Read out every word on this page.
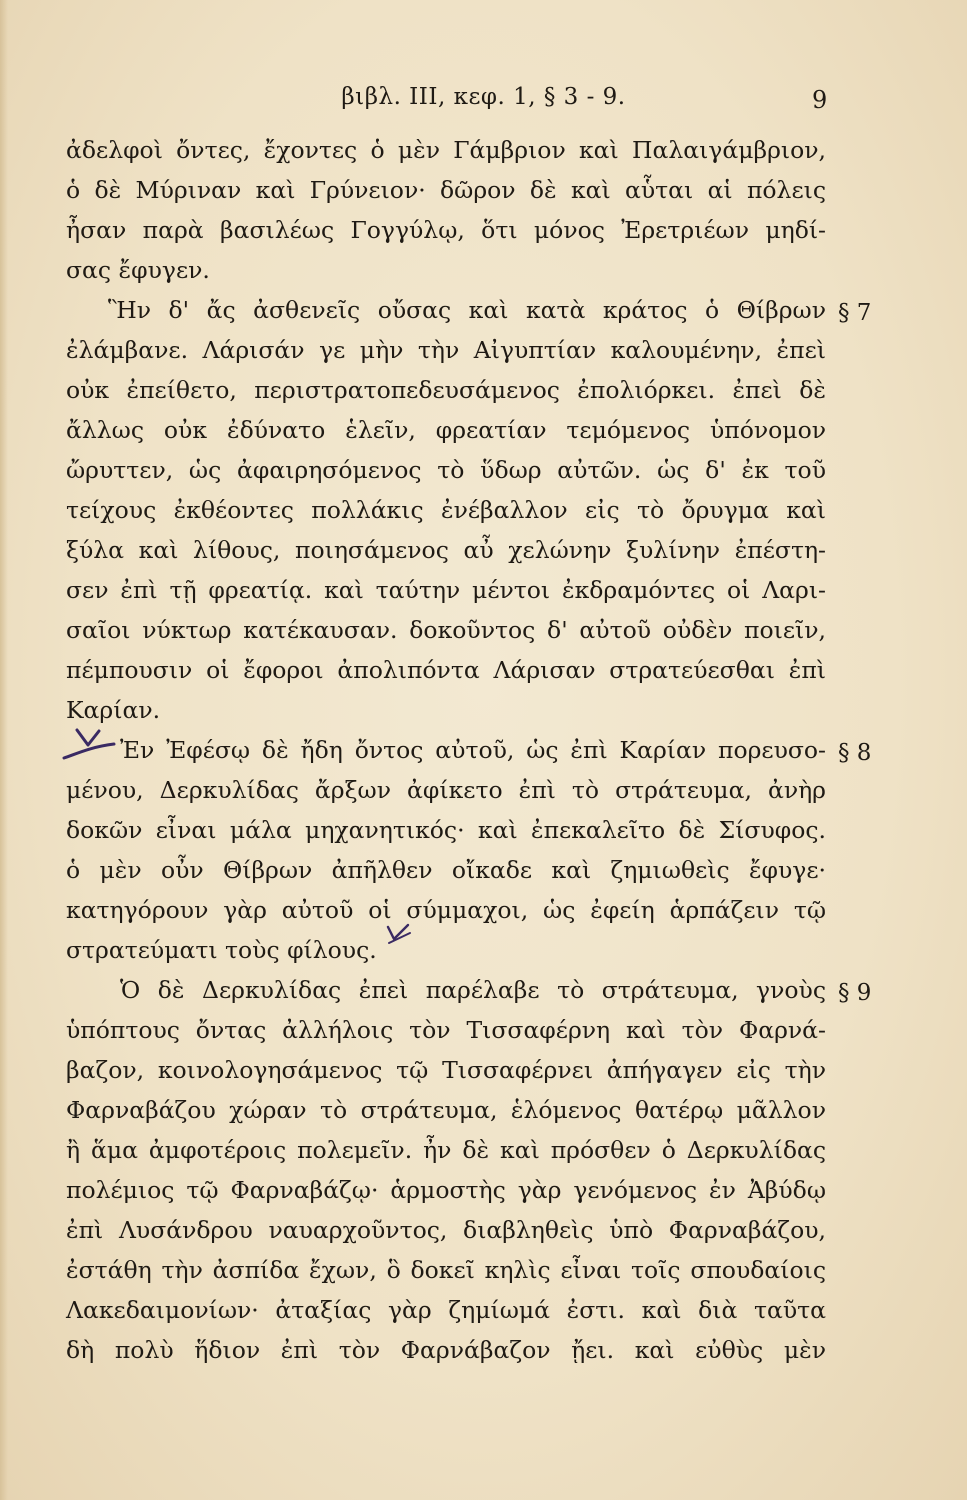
βιβλ. III, κεφ. 1, § 3 - 9.	9
ἀδελφοὶ ὄντες, ἔχοντες ὁ μὲν Γάμβριον καὶ Παλαιγάμβριον,
ὁ δὲ Μύριναν καὶ Γρύνειον· δῶρον δὲ καὶ αὗται αἱ πόλεις
ἦσαν παρὰ βασιλέως Γογγύλῳ, ὅτι μόνος Ἐρετριέων μηδί-
σας ἔφυγεν.
Ἣν δ' ἄς ἀσθενεῖς οὔσας καὶ κατὰ κράτος ὁ Θίβρων
ἐλάμβανε. Λάρισάν γε μὴν τὴν Αἰγυπτίαν καλουμένην, ἐπεὶ
οὐκ ἐπείθετο, περιστρατοπεδευσάμενος ἐπολιόρκει. ἐπεὶ δὲ
ἄλλως οὐκ ἐδύνατο ἑλεῖν, φρεατίαν τεμόμενος ὑπόνομον
ὤρυττεν, ὡς ἀφαιρησόμενος τὸ ὕδωρ αὐτῶν. ὡς δ' ἐκ τοῦ
τείχους ἐκθέοντες πολλάκις ἐνέβαλλον εἰς τὸ ὄρυγμα καὶ
ξύλα καὶ λίθους, ποιησάμενος αὖ χελώνην ξυλίνην ἐπέστη-
σεν ἐπὶ τῇ φρεατίᾳ. καὶ ταύτην μέντοι ἐκδραμόντες οἱ Λαρι-
σαῖοι νύκτωρ κατέκαυσαν. δοκοῦντος δ' αὐτοῦ οὐδὲν ποιεῖν,
πέμπουσιν οἱ ἔφοροι ἀπολιπόντα Λάρισαν στρατεύεσθαι ἐπὶ
Καρίαν.
Ἐν Ἐφέσῳ δὲ ἤδη ὄντος αὐτοῦ, ὡς ἐπὶ Καρίαν πορευσο-
μένου, Δερκυλίδας ἄρξων ἀφίκετο ἐπὶ τὸ στράτευμα, ἀνὴρ
δοκῶν εἶναι μάλα μηχανητικός· καὶ ἐπεκαλεῖτο δὲ Σίσυφος.
ὁ μὲν οὖν Θίβρων ἀπῆλθεν οἴκαδε καὶ ζημιωθεὶς ἔφυγε·
κατηγόρουν γὰρ αὐτοῦ οἱ σύμμαχοι, ὡς ἐφείη ἁρπάζειν τῷ
στρατεύματι τοὺς φίλους.
Ὁ δὲ Δερκυλίδας ἐπεὶ παρέλαβε τὸ στράτευμα, γνοὺς
ὑπόπτους ὄντας ἀλλήλοις τὸν Τισσαφέρνη καὶ τὸν Φαρνά-
βαζον, κοινολογησάμενος τῷ Τισσαφέρνει ἀπήγαγεν εἰς τὴν
Φαρναβάζου χώραν τὸ στράτευμα, ἑλόμενος θατέρῳ μᾶλλον
ἢ ἅμα ἀμφοτέροις πολεμεῖν. ἦν δὲ καὶ πρόσθεν ὁ Δερκυλίδας
πολέμιος τῷ Φαρναβάζῳ· ἁρμοστὴς γὰρ γενόμενος ἐν Ἀβύδῳ
ἐπὶ Λυσάνδρου ναυαρχοῦντος, διαβληθεὶς ὑπὸ Φαρναβάζου,
ἐστάθη τὴν ἀσπίδα ἔχων, ὃ δοκεῖ κηλὶς εἶναι τοῖς σπουδαίοις
Λακεδαιμονίων· ἀταξίας γὰρ ζημίωμά ἐστι. καὶ διὰ ταῦτα
δὴ πολὺ ἥδιον ἐπὶ τὸν Φαρνάβαζον ᾔει. καὶ εὐθὺς μὲν
§ 7
§ 8
§ 9
